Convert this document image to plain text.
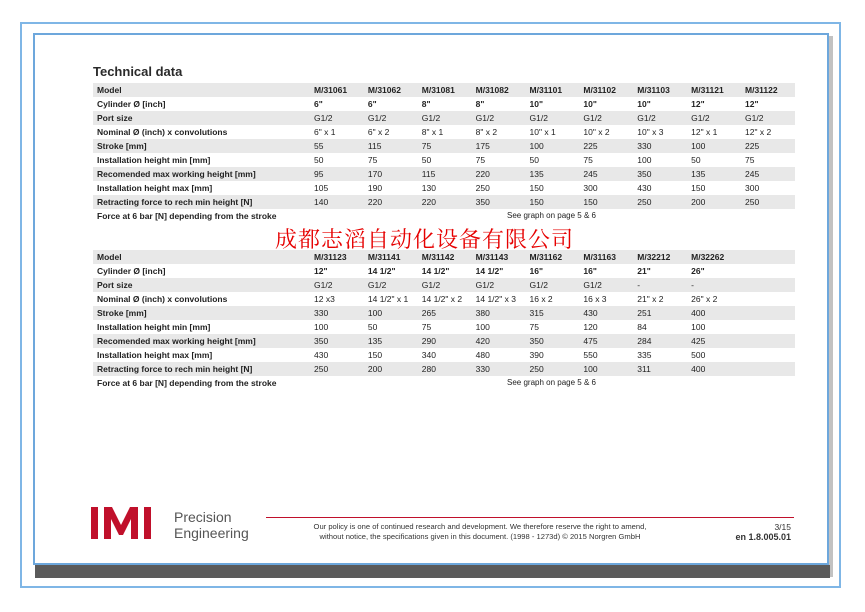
Technical data
Model	M/31061	M/31062	M/31081	M/31082	M/31101	M/31102	M/31103	M/31121	M/31122
Cylinder Ø [inch]	6"	6"	8"	8"	10"	10"	10"	12"	12"
Port size	G1/2	G1/2	G1/2	G1/2	G1/2	G1/2	G1/2	G1/2	G1/2
Nominal Ø (inch) x convolutions	6" x 1	6" x 2	8" x 1	8" x 2	10" x 1	10" x 2	10" x 3	12" x 1	12" x 2
Stroke [mm]	55	115	75	175	100	225	330	100	225
Installation height min [mm]	50	75	50	75	50	75	100	50	75
Recomended max working height [mm]	95	170	115	220	135	245	350	135	245
Installation height max [mm]	105	190	130	250	150	300	430	150	300
Retracting force to rech min height [N]	140	220	220	350	150	150	250	200	250
Force at 6 bar [N] depending from the stroke	See graph on page 5 & 6								
Model	M/31123	M/31141	M/31142	M/31143	M/31162	M/31163	M/32212	M/32262	
Cylinder Ø [inch]	12"	14 1/2"	14 1/2"	14 1/2"	16"	16"	21"	26"	
Port size	G1/2	G1/2	G1/2	G1/2	G1/2	G1/2	-	-	
Nominal Ø (inch) x convolutions	12 x3	14 1/2" x 1	14 1/2" x 2	14 1/2" x 3	16 x 2	16 x 3	21" x 2	26" x 2	
Stroke [mm]	330	100	265	380	315	430	251	400	
Installation height min [mm]	100	50	75	100	75	120	84	100	
Recomended max working height [mm]	350	135	290	420	350	475	284	425	
Installation height max [mm]	430	150	340	480	390	550	335	500	
Retracting force to rech min height [N]	250	200	280	330	250	100	311	400	
Force at 6 bar [N] depending from the stroke	See graph on page 5 & 6								
成都志滔自动化设备有限公司
Precision
Engineering	Our policy is one of continued research and development. We therefore reserve the right to amend,
without notice, the specifications given in this document. (1998 - 1273d) © 2015 Norgren GmbH
3/15
en 1.8.005.01
